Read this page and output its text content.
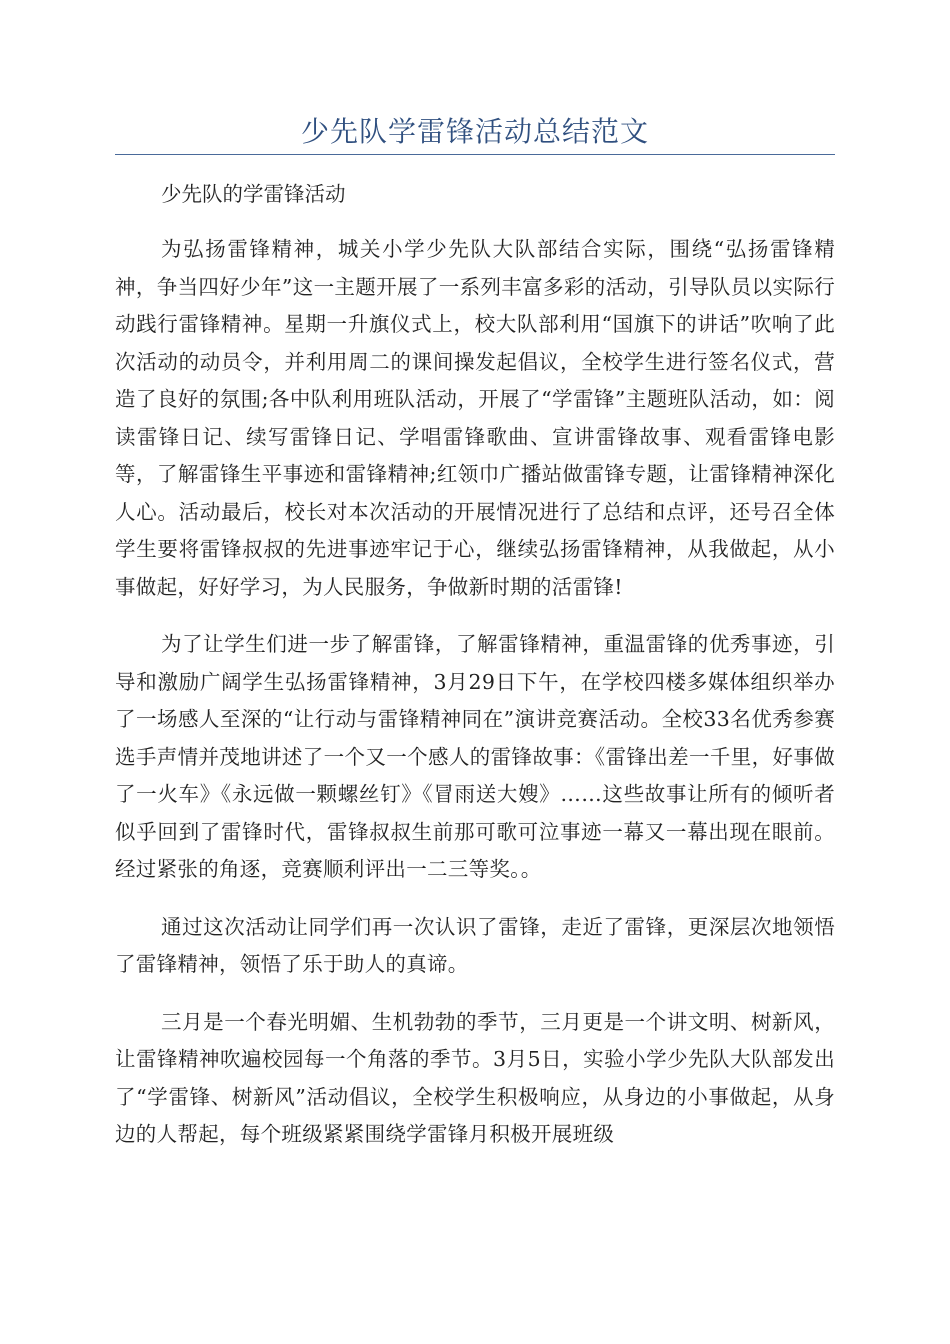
少先队学雷锋活动总结范文

少先队的学雷锋活动

为弘扬雷锋精神，城关小学少先队大队部结合实际，围绕“弘扬雷锋精神，争当四好少年”这一主题开展了一系列丰富多彩的活动，引导队员以实际行动践行雷锋精神。星期一升旗仪式上，校大队部利用“国旗下的讲话”吹响了此次活动的动员令，并利用周二的课间操发起倡议，全校学生进行签名仪式，营造了良好的氛围;各中队利用班队活动，开展了“学雷锋”主题班队活动，如：阅读雷锋日记、续写雷锋日记、学唱雷锋歌曲、宣讲雷锋故事、观看雷锋电影等，了解雷锋生平事迹和雷锋精神;红领巾广播站做雷锋专题，让雷锋精神深化人心。活动最后，校长对本次活动的开展情况进行了总结和点评，还号召全体学生要将雷锋叔叔的先进事迹牢记于心，继续弘扬雷锋精神，从我做起，从小事做起，好好学习，为人民服务，争做新时期的活雷锋!

为了让学生们进一步了解雷锋，了解雷锋精神，重温雷锋的优秀事迹，引导和激励广阔学生弘扬雷锋精神，3月29日下午，在学校四楼多媒体组织举办了一场感人至深的“让行动与雷锋精神同在”演讲竞赛活动。全校33名优秀参赛选手声情并茂地讲述了一个又一个感人的雷锋故事：《雷锋出差一千里，好事做了一火车》《永远做一颗螺丝钉》《冒雨送大嫂》……这些故事让所有的倾听者似乎回到了雷锋时代，雷锋叔叔生前那可歌可泣事迹一幕又一幕出现在眼前。经过紧张的角逐，竞赛顺利评出一二三等奖。。

通过这次活动让同学们再一次认识了雷锋，走近了雷锋，更深层次地领悟了雷锋精神，领悟了乐于助人的真谛。

三月是一个春光明媚、生机勃勃的季节，三月更是一个讲文明、树新风，让雷锋精神吹遍校园每一个角落的季节。3月5日，实验小学少先队大队部发出了“学雷锋、树新风”活动倡议，全校学生积极响应，从身边的小事做起，从身边的人帮起，每个班级紧紧围绕学雷锋月积极开展班级
